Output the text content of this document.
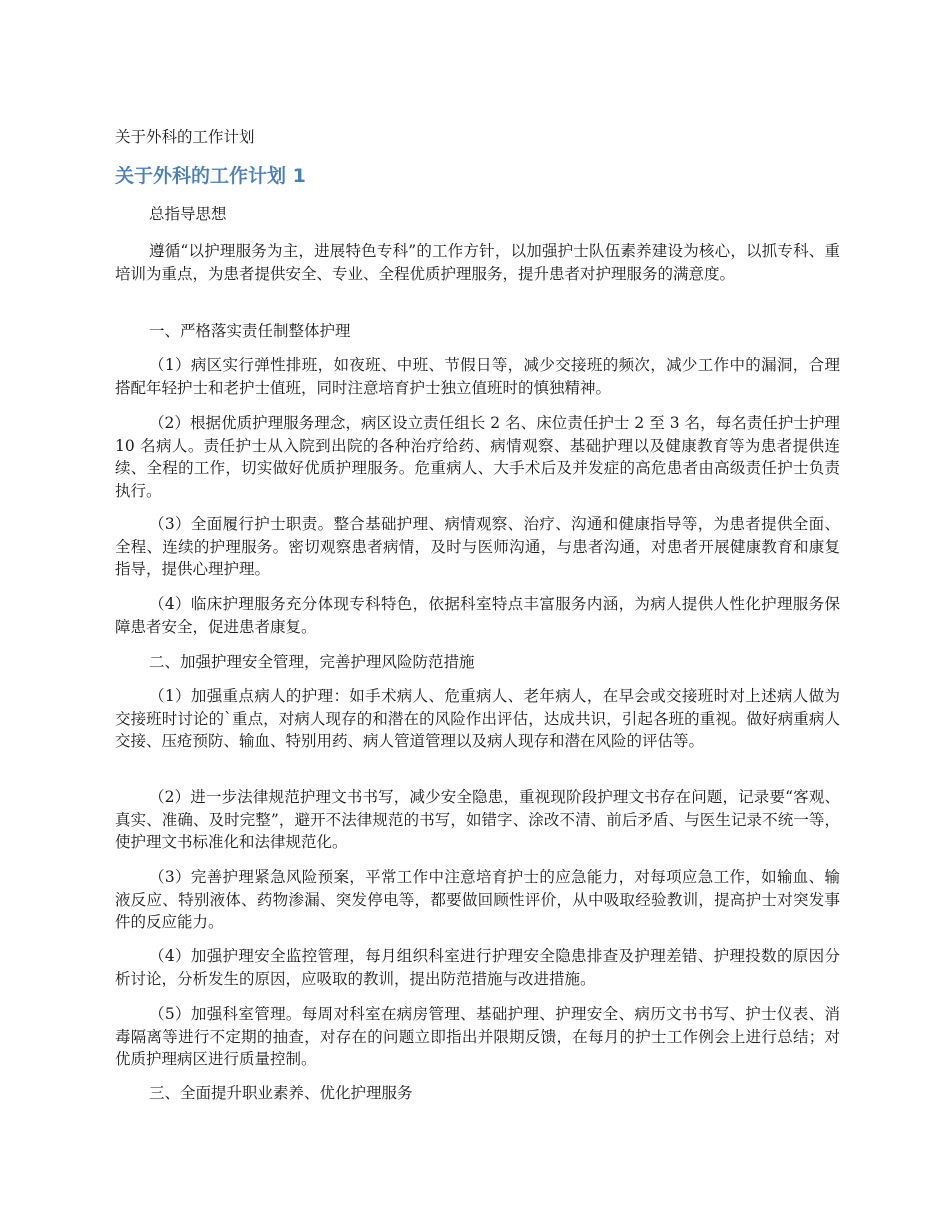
关于外科的工作计划
关于外科的工作计划 1

总指导思想

遵循“以护理服务为主，进展特色专科”的工作方针，以加强护士队伍素养建设为核心，以抓专科、重培训为重点，为患者提供安全、专业、全程优质护理服务，提升患者对护理服务的满意度。

一、严格落实责任制整体护理

（1）病区实行弹性排班，如夜班、中班、节假日等，减少交接班的频次，减少工作中的漏洞，合理搭配年轻护士和老护士值班，同时注意培育护士独立值班时的慎独精神。

（2）根据优质护理服务理念，病区设立责任组长 2 名、床位责任护士 2 至 3 名，每名责任护士护理 10 名病人。责任护士从入院到出院的各种治疗给药、病情观察、基础护理以及健康教育等为患者提供连续、全程的工作，切实做好优质护理服务。危重病人、大手术后及并发症的高危患者由高级责任护士负责执行。

（3）全面履行护士职责。整合基础护理、病情观察、治疗、沟通和健康指导等，为患者提供全面、全程、连续的护理服务。密切观察患者病情，及时与医师沟通，与患者沟通，对患者开展健康教育和康复指导，提供心理护理。

（4）临床护理服务充分体现专科特色，依据科室特点丰富服务内涵，为病人提供人性化护理服务保障患者安全，促进患者康复。

二、加强护理安全管理，完善护理风险防范措施

（1）加强重点病人的护理：如手术病人、危重病人、老年病人，在早会或交接班时对上述病人做为交接班时讨论的`重点，对病人现存的和潜在的风险作出评估，达成共识，引起各班的重视。做好病重病人交接、压疮预防、输血、特别用药、病人管道管理以及病人现存和潜在风险的评估等。

（2）进一步法律规范护理文书书写，减少安全隐患，重视现阶段护理文书存在问题，记录要“客观、真实、准确、及时完整”，避开不法律规范的书写，如错字、涂改不清、前后矛盾、与医生记录不统一等，使护理文书标准化和法律规范化。

（3）完善护理紧急风险预案，平常工作中注意培育护士的应急能力，对每项应急工作，如输血、输液反应、特别液体、药物渗漏、突发停电等，都要做回顾性评价，从中吸取经验教训，提高护士对突发事件的反应能力。

（4）加强护理安全监控管理，每月组织科室进行护理安全隐患排查及护理差错、护理投数的原因分析讨论，分析发生的原因，应吸取的教训，提出防范措施与改进措施。

（5）加强科室管理。每周对科室在病房管理、基础护理、护理安全、病历文书书写、护士仪表、消毒隔离等进行不定期的抽查，对存在的问题立即指出并限期反馈，在每月的护士工作例会上进行总结；对优质护理病区进行质量控制。

三、全面提升职业素养、优化护理服务
